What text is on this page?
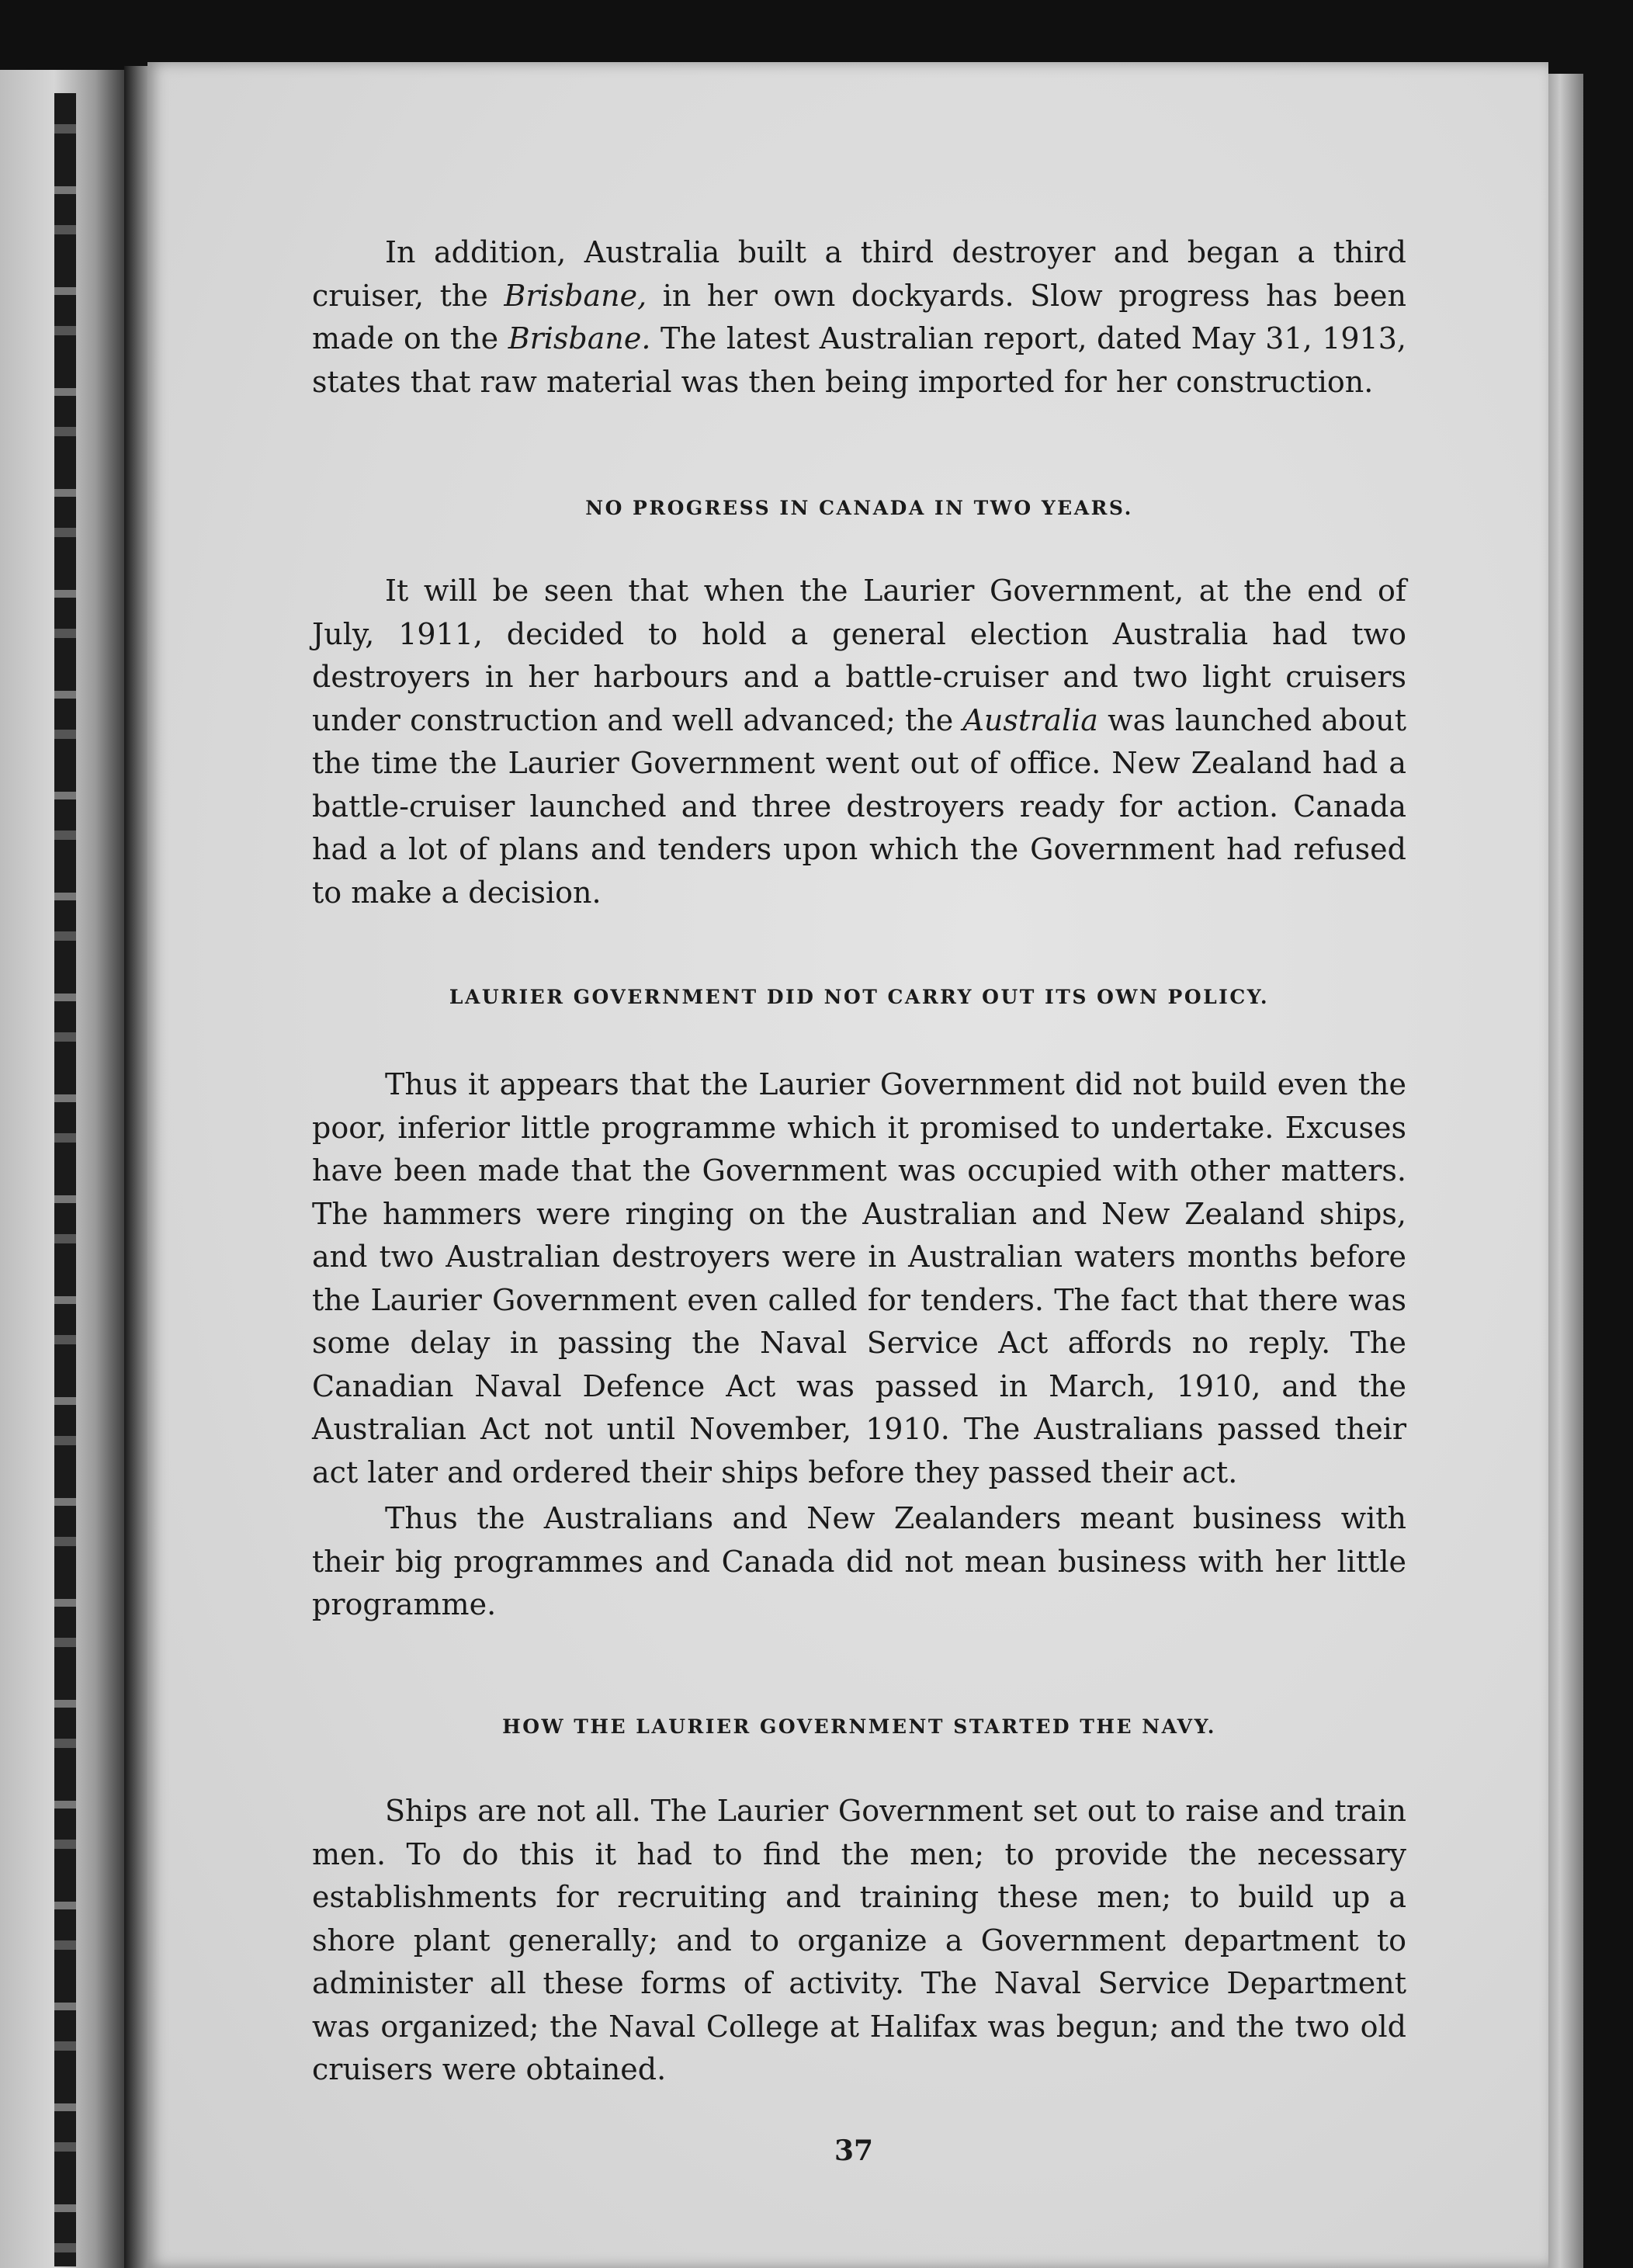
In addition, Australia built a third destroyer and began a third cruiser, the Brisbane, in her own dockyards. Slow progress has been made on the Brisbane. The latest Australian report, dated May 31, 1913, states that raw material was then being imported for her construction.

NO PROGRESS IN CANADA IN TWO YEARS.

It will be seen that when the Laurier Government, at the end of July, 1911, decided to hold a general election Australia had two destroyers in her harbours and a battle-cruiser and two light cruisers under construction and well advanced; the Australia was launched about the time the Laurier Government went out of office. New Zealand had a battle-cruiser launched and three destroyers ready for action. Canada had a lot of plans and tenders upon which the Government had refused to make a decision.

LAURIER GOVERNMENT DID NOT CARRY OUT ITS OWN POLICY.

Thus it appears that the Laurier Government did not build even the poor, inferior little programme which it promised to undertake. Excuses have been made that the Government was occupied with other matters. The hammers were ringing on the Australian and New Zealand ships, and two Australian destroyers were in Australian waters months before the Laurier Government even called for tenders. The fact that there was some delay in passing the Naval Service Act affords no reply. The Canadian Naval Defence Act was passed in March, 1910, and the Australian Act not until November, 1910. The Australians passed their act later and ordered their ships before they passed their act.

Thus the Australians and New Zealanders meant business with their big programmes and Canada did not mean business with her little programme.

HOW THE LAURIER GOVERNMENT STARTED THE NAVY.

Ships are not all. The Laurier Government set out to raise and train men. To do this it had to find the men; to provide the necessary establishments for recruiting and training these men; to build up a shore plant generally; and to organize a Government department to administer all these forms of activity. The Naval Service Department was organized; the Naval College at Halifax was begun; and the two old cruisers were obtained.

37
